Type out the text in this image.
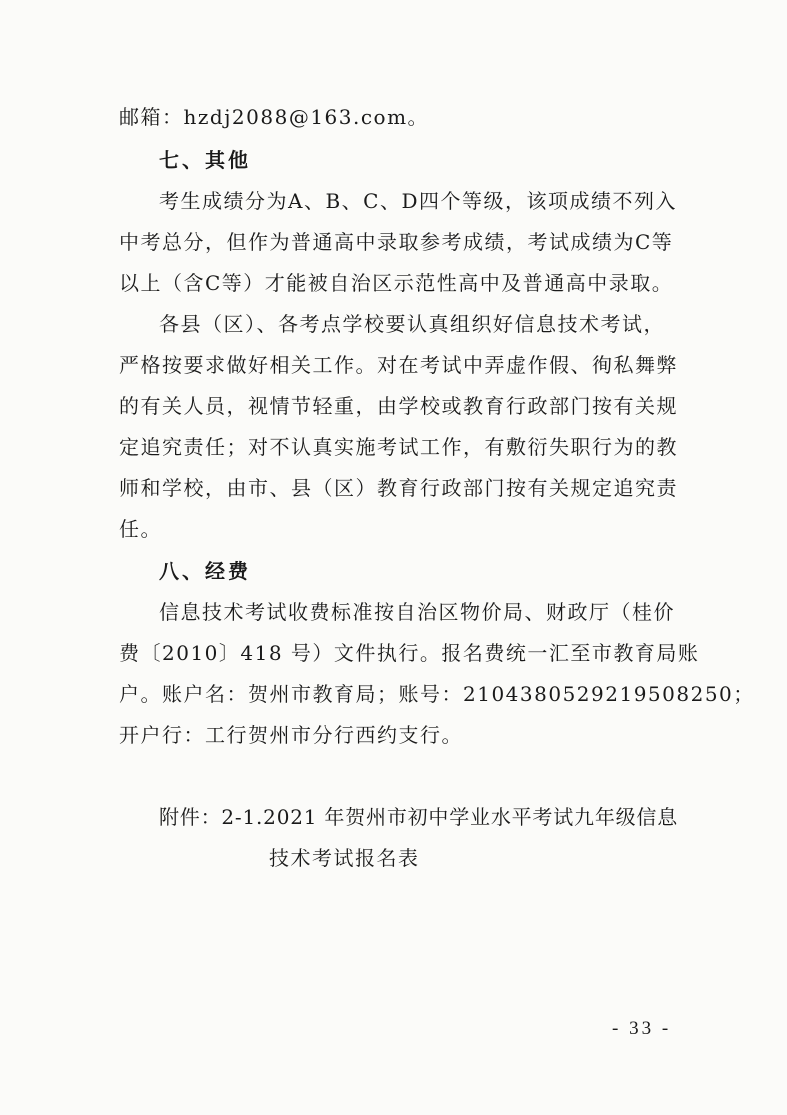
邮箱：hzdj2088@163.com。
七、其他
考生成绩分为A、B、C、D四个等级，该项成绩不列入
中考总分，但作为普通高中录取参考成绩，考试成绩为C等
以上（含C等）才能被自治区示范性高中及普通高中录取。
各县（区）、各考点学校要认真组织好信息技术考试，
严格按要求做好相关工作。对在考试中弄虚作假、徇私舞弊
的有关人员，视情节轻重，由学校或教育行政部门按有关规
定追究责任；对不认真实施考试工作，有敷衍失职行为的教
师和学校，由市、县（区）教育行政部门按有关规定追究责
任。
八、经费
信息技术考试收费标准按自治区物价局、财政厅（桂价
费〔2010〕418 号）文件执行。报名费统一汇至市教育局账
户。账户名：贺州市教育局；账号：2104380529219508250；
开户行：工行贺州市分行西约支行。
附件：2-1.2021 年贺州市初中学业水平考试九年级信息
技术考试报名表
- 33 -
